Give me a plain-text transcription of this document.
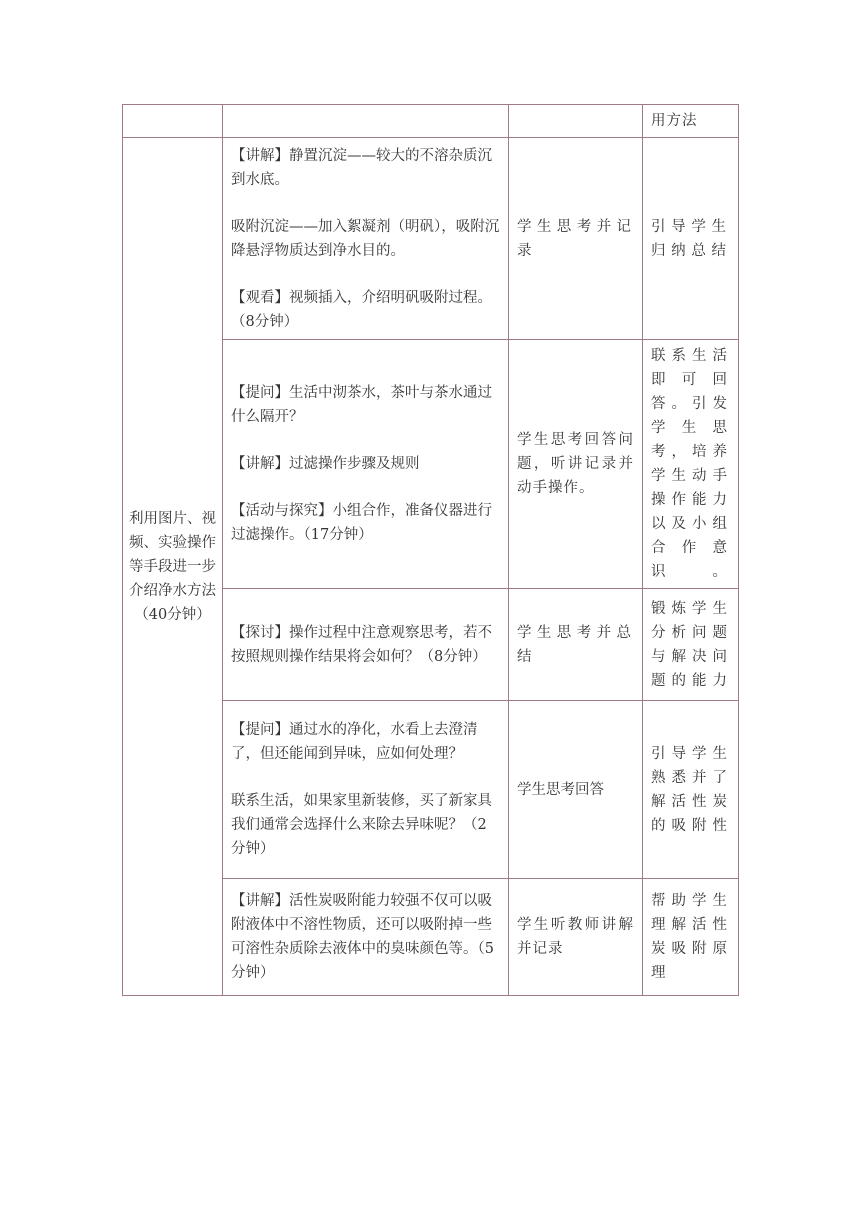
			用方法
利用图片、视频、实验操作等手段进一步介绍净水方法（40分钟）	【讲解】静置沉淀——较大的不溶杂质沉到水底。

吸附沉淀——加入絮凝剂（明矾），吸附沉降悬浮物质达到净水目的。

【观看】视频插入，介绍明矾吸附过程。（8分钟）	学生思考并记录	引导学生归纳总结

	【提问】生活中沏茶水，茶叶与茶水通过什么隔开？

【讲解】过滤操作步骤及规则

【活动与探究】小组合作，准备仪器进行过滤操作。（17分钟）	学生思考回答问题，听讲记录并动手操作。	联系生活即可回答。引发学生思考，培养学生动手操作能力以及小组合作意识。

	【探讨】操作过程中注意观察思考，若不按照规则操作结果将会如何？（8分钟）	学生思考并总结	锻炼学生分析问题与解决问题的能力

	【提问】通过水的净化，水看上去澄清了，但还能闻到异味，应如何处理？

联系生活，如果家里新装修，买了新家具我们通常会选择什么来除去异味呢？（2分钟）	学生思考回答	引导学生熟悉并了解活性炭的吸附性

	【讲解】活性炭吸附能力较强不仅可以吸附液体中不溶性物质，还可以吸附掉一些可溶性杂质除去液体中的臭味颜色等。（5分钟）	学生听教师讲解并记录	帮助学生理解活性炭吸附原理
